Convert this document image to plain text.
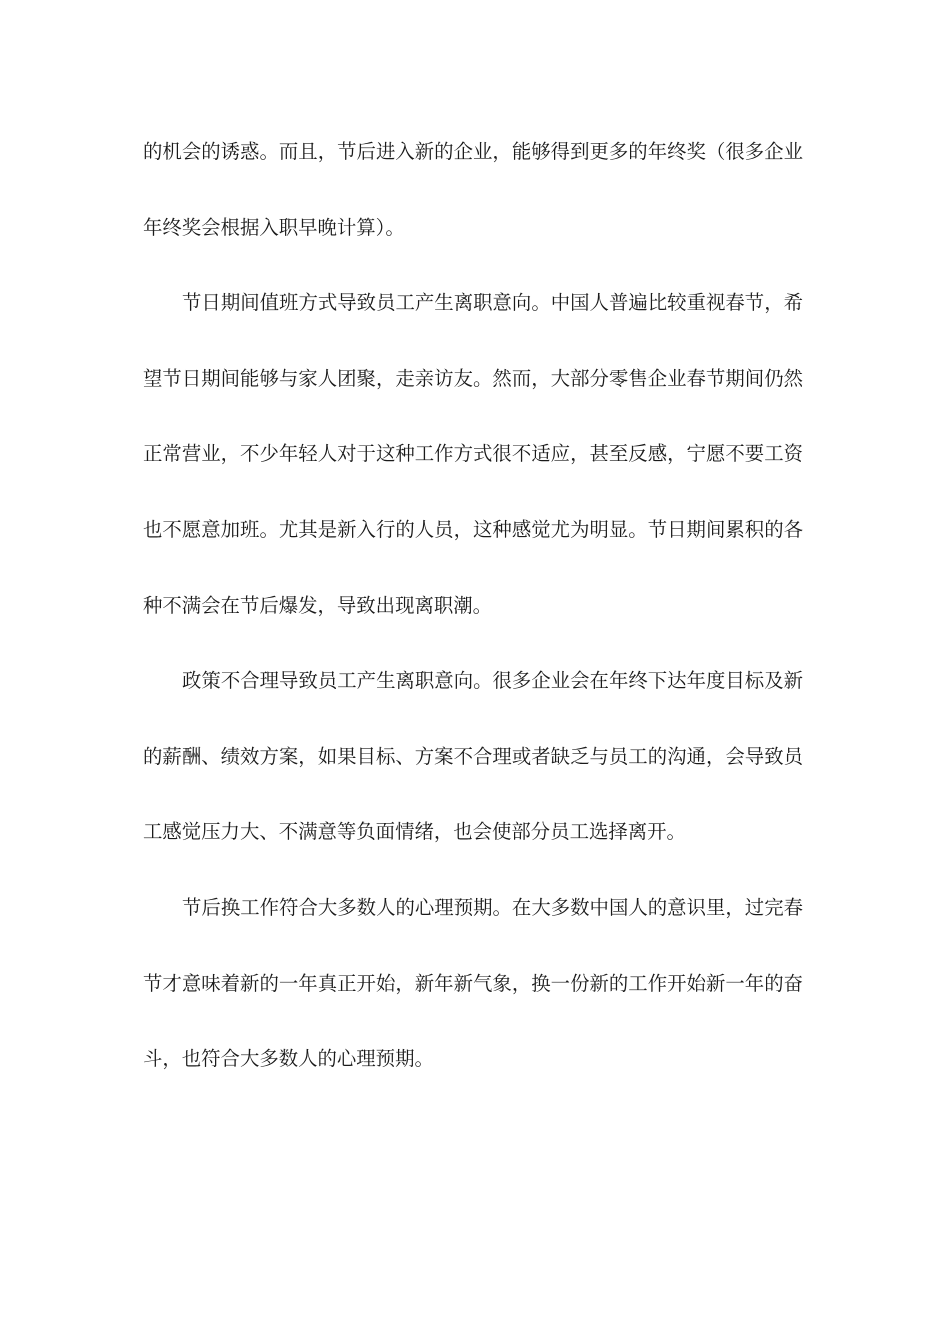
的机会的诱惑。而且，节后进入新的企业，能够得到更多的年终奖（很多企业
年终奖会根据入职早晚计算）。

节日期间值班方式导致员工产生离职意向。中国人普遍比较重视春节，希
望节日期间能够与家人团聚，走亲访友。然而，大部分零售企业春节期间仍然
正常营业，不少年轻人对于这种工作方式很不适应，甚至反感，宁愿不要工资
也不愿意加班。尤其是新入行的人员，这种感觉尤为明显。节日期间累积的各
种不满会在节后爆发，导致出现离职潮。

政策不合理导致员工产生离职意向。很多企业会在年终下达年度目标及新
的薪酬、绩效方案，如果目标、方案不合理或者缺乏与员工的沟通，会导致员
工感觉压力大、不满意等负面情绪，也会使部分员工选择离开。

节后换工作符合大多数人的心理预期。在大多数中国人的意识里，过完春
节才意味着新的一年真正开始，新年新气象，换一份新的工作开始新一年的奋
斗，也符合大多数人的心理预期。
